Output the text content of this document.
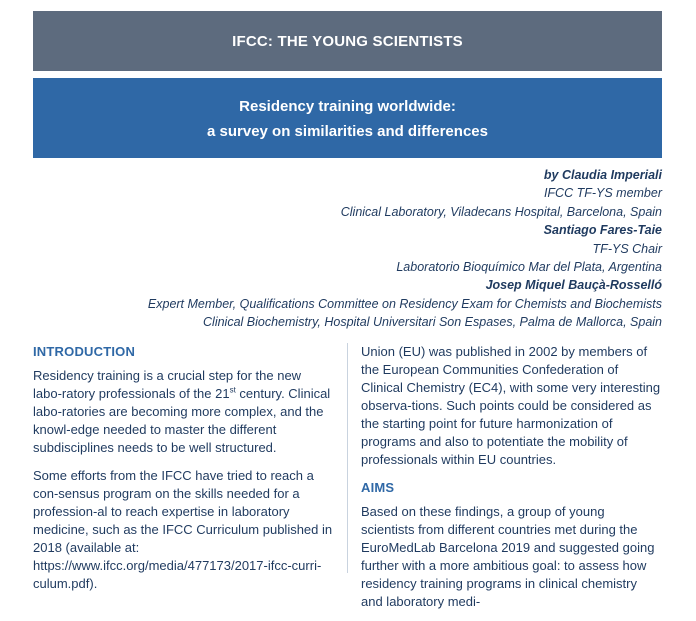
IFCC: THE YOUNG SCIENTISTS
Residency training worldwide:
a survey on similarities and differences
by Claudia Imperiali
IFCC TF-YS member
Clinical Laboratory, Viladecans Hospital, Barcelona, Spain
Santiago Fares-Taie
TF-YS Chair
Laboratorio Bioquímico Mar del Plata, Argentina
Josep Miquel Bauçà-Rosselló
Expert Member, Qualifications Committee on Residency Exam for Chemists and Biochemists
Clinical Biochemistry, Hospital Universitari Son Espases, Palma de Mallorca, Spain
INTRODUCTION

Residency training is a crucial step for the new labo-ratory professionals of the 21st century. Clinical labo-ratories are becoming more complex, and the knowl-edge needed to master the different subdisciplines needs to be well structured.

Some efforts from the IFCC have tried to reach a con-sensus program on the skills needed for a profession-al to reach expertise in laboratory medicine, such as the IFCC Curriculum published in 2018 (available at: https://www.ifcc.org/media/477173/2017-ifcc-curri-culum.pdf).

Union (EU) was published in 2002 by members of the European Communities Confederation of Clinical Chemistry (EC4), with some very interesting observa-tions. Such points could be considered as the starting point for future harmonization of programs and also to potentiate the mobility of professionals within EU countries.

AIMS

Based on these findings, a group of young scientists from different countries met during the EuroMedLab Barcelona 2019 and suggested going further with a more ambitious goal: to assess how residency training programs in clinical chemistry and laboratory medi-
